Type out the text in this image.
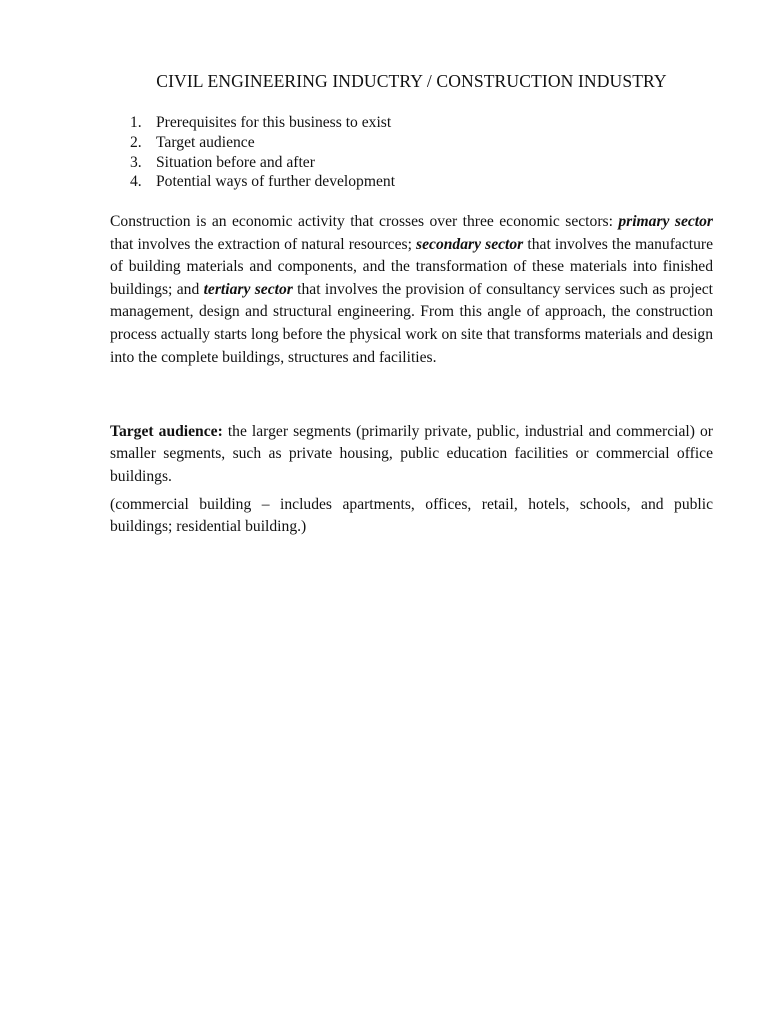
CIVIL ENGINEERING INDUCTRY / CONSTRUCTION INDUSTRY
1. Prerequisites for this business to exist
2. Target audience
3. Situation before and after
4. Potential ways of further development

Construction is an economic activity that crosses over three economic sectors: primary sector that involves the extraction of natural resources; secondary sector that involves the manufacture of building materials and components, and the transformation of these materials into finished buildings; and tertiary sector that involves the provision of consultancy services such as project management, design and structural engineering. From this angle of approach, the construction process actually starts long before the physical work on site that transforms materials and design into the complete buildings, structures and facilities.

Target audience: the larger segments (primarily private, public, industrial and commercial) or smaller segments, such as private housing, public education facilities or commercial office buildings.

(commercial building – includes apartments, offices, retail, hotels, schools, and public buildings; residential building.)
